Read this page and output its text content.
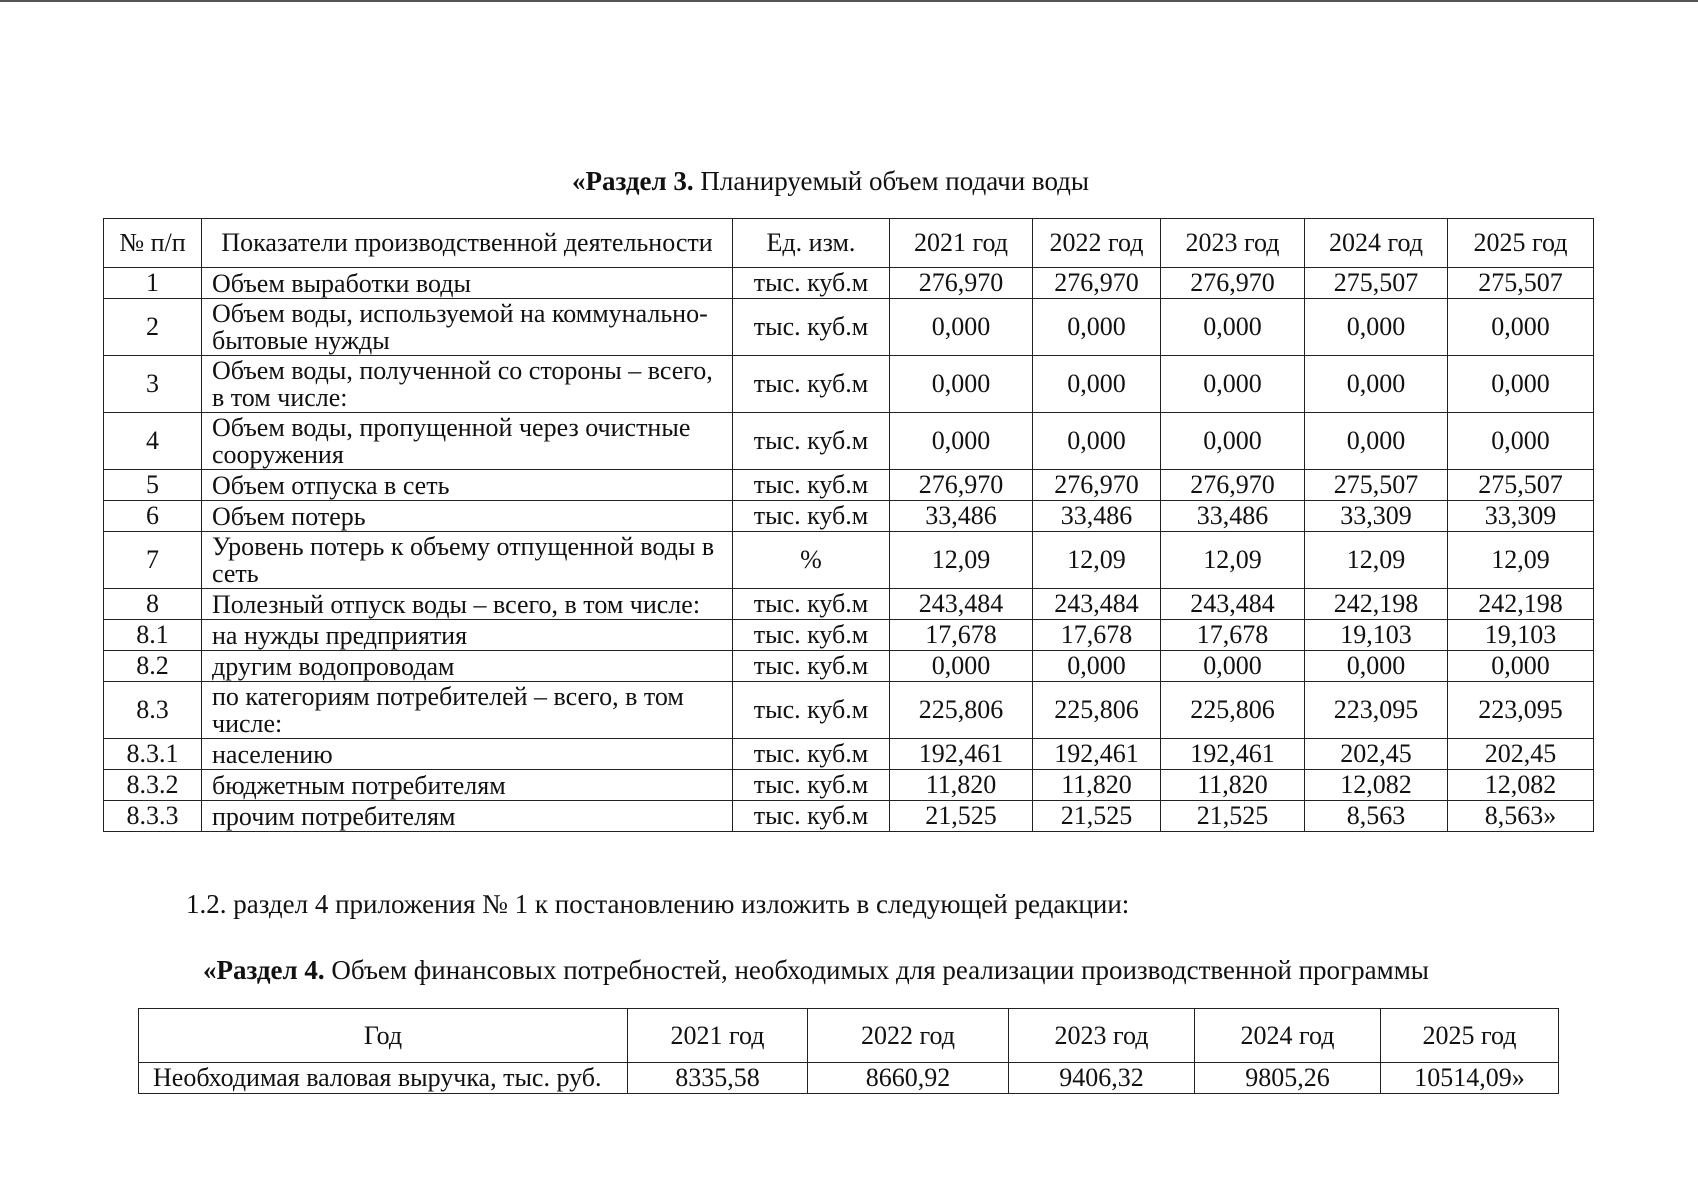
«Раздел 3. Планируемый объем подачи воды
№ п/п	Показатели производственной деятельности	Ед. изм.	2021 год	2022 год	2023 год	2024 год	2025 год
1	Объем выработки воды	тыс. куб.м	276,970	276,970	276,970	275,507	275,507
2	Объем воды, используемой на коммунально-бытовые нужды	тыс. куб.м	0,000	0,000	0,000	0,000	0,000
3	Объем воды, полученной со стороны – всего, в том числе:	тыс. куб.м	0,000	0,000	0,000	0,000	0,000
4	Объем воды, пропущенной через очистные сооружения	тыс. куб.м	0,000	0,000	0,000	0,000	0,000
5	Объем отпуска в сеть	тыс. куб.м	276,970	276,970	276,970	275,507	275,507
6	Объем потерь	тыс. куб.м	33,486	33,486	33,486	33,309	33,309
7	Уровень потерь к объему отпущенной воды в сеть	%	12,09	12,09	12,09	12,09	12,09
8	Полезный отпуск воды – всего, в том числе:	тыс. куб.м	243,484	243,484	243,484	242,198	242,198
8.1	на нужды предприятия	тыс. куб.м	17,678	17,678	17,678	19,103	19,103
8.2	другим водопроводам	тыс. куб.м	0,000	0,000	0,000	0,000	0,000
8.3	по категориям потребителей – всего, в том числе:	тыс. куб.м	225,806	225,806	225,806	223,095	223,095
8.3.1	населению	тыс. куб.м	192,461	192,461	192,461	202,45	202,45
8.3.2	бюджетным потребителям	тыс. куб.м	11,820	11,820	11,820	12,082	12,082
8.3.3	прочим потребителям	тыс. куб.м	21,525	21,525	21,525	8,563	8,563»
1.2. раздел 4 приложения № 1 к постановлению изложить в следующей редакции:
«Раздел 4. Объем финансовых потребностей, необходимых для реализации производственной программы
Год	2021 год	2022 год	2023 год	2024 год	2025 год
Необходимая валовая выручка, тыс. руб.	8335,58	8660,92	9406,32	9805,26	10514,09»
